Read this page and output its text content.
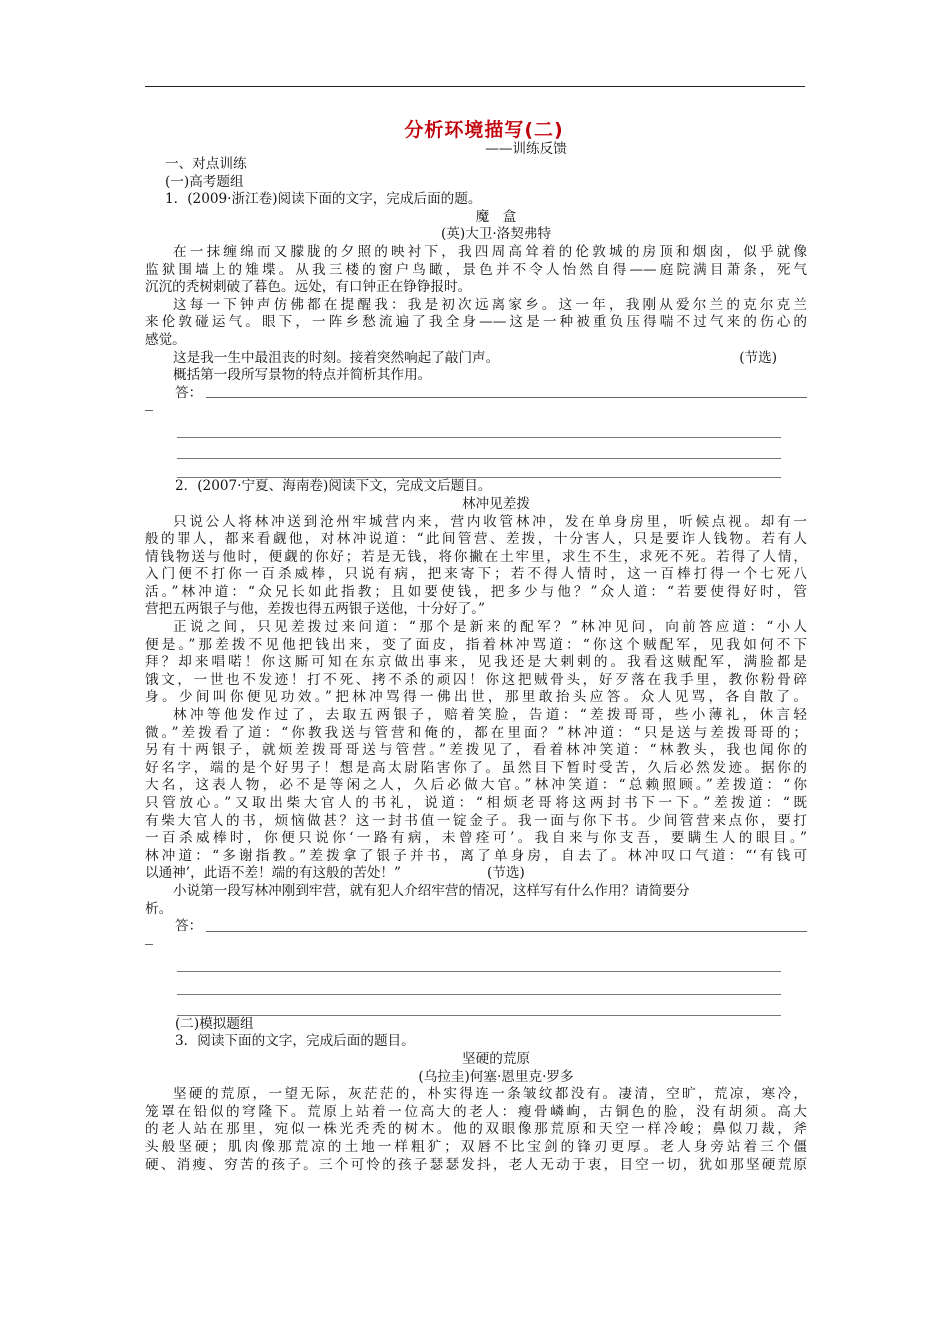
分析环境描写(二)
——训练反馈
一、对点训练
(一)高考题组
1．(2009·浙江卷)阅读下面的文字，完成后面的题。
魔　盒
(英)大卫·洛契弗特
在一抹缠绵而又朦胧的夕照的映衬下，我四周高耸着的伦敦城的房顶和烟囱，似乎就像
监狱围墙上的雉堞。从我三楼的窗户鸟瞰，景色并不令人怡然自得——庭院满目萧条，死气
沉沉的秃树刺破了暮色。远处，有口钟正在铮铮报时。
这每一下钟声仿佛都在提醒我：我是初次远离家乡。这一年，我刚从爱尔兰的克尔克兰
来伦敦碰运气。眼下，一阵乡愁流遍了我全身——这是一种被重负压得喘不过气来的伤心的
感觉。
这是我一生中最沮丧的时刻。接着突然响起了敲门声。	(节选)
概括第一段所写景物的特点并简析其作用。
答：
2．(2007·宁夏、海南卷)阅读下文，完成文后题目。
林冲见差拨
只说公人将林冲送到沧州牢城营内来，营内收管林冲，发在单身房里，听候点视。却有一
般的罪人，都来看觑他，对林冲说道：“此间管营、差拨，十分害人，只是要诈人钱物。若有人
情钱物送与他时，便觑的你好；若是无钱，将你撇在土牢里，求生不生，求死不死。若得了人情，
入门便不打你一百杀威棒，只说有病，把来寄下；若不得人情时，这一百棒打得一个七死八
活。”林冲道：“众兄长如此指教；且如要使钱，把多少与他？”众人道：“若要使得好时，管
营把五两银子与他，差拨也得五两银子送他，十分好了。”
正说之间，只见差拨过来问道：“那个是新来的配军？”林冲见问，向前答应道：“小人
便是。”那差拨不见他把钱出来，变了面皮，指着林冲骂道：“你这个贼配军，见我如何不下
拜？却来唱喏！你这厮可知在东京做出事来，见我还是大剌剌的。我看这贼配军，满脸都是
饿文，一世也不发迹！打不死、拷不杀的顽囚！你这把贼骨头，好歹落在我手里，教你粉骨碎
身。少间叫你便见功效。”把林冲骂得一佛出世，那里敢抬头应答。众人见骂，各自散了。
林冲等他发作过了，去取五两银子，赔着笑脸，告道：“差拨哥哥，些小薄礼，休言轻
微。”差拨看了道：“你教我送与管营和俺的，都在里面？”林冲道：“只是送与差拨哥哥的；
另有十两银子，就烦差拨哥哥送与管营。”差拨见了，看着林冲笑道：“林教头，我也闻你的
好名字，端的是个好男子！想是高太尉陷害你了。虽然目下暂时受苦，久后必然发迹。据你的
大名，这表人物，必不是等闲之人，久后必做大官。”林冲笑道：“总赖照顾。”差拨道：“你
只管放心。”又取出柴大官人的书礼，说道：“相烦老哥将这两封书下一下。”差拨道：“既
有柴大官人的书，烦恼做甚？这一封书值一锭金子。我一面与你下书。少间管营来点你，要打
一百杀威棒时，你便只说你‘一路有病，未曾痊可’。我自来与你支吾，要瞒生人的眼目。”
林冲道：“多谢指教。”差拨拿了银子并书，离了单身房，自去了。林冲叹口气道：“‘有钱可
以通神’，此语不差！端的有这般的苦处！”	(节选)
小说第一段写林冲刚到牢营，就有犯人介绍牢营的情况，这样写有什么作用？请简要分
析。
答：
(二)模拟题组
3．阅读下面的文字，完成后面的题目。
坚硬的荒原
(乌拉圭)何塞·恩里克·罗多
坚硬的荒原，一望无际，灰茫茫的，朴实得连一条皱纹都没有。凄清，空旷，荒凉，寒冷，
笼罩在铅似的穹隆下。荒原上站着一位高大的老人：瘦骨嶙峋，古铜色的脸，没有胡须。高大
的老人站在那里，宛似一株光秃秃的树木。他的双眼像那荒原和天空一样冷峻；鼻似刀裁，斧
头般坚硬；肌肉像那荒凉的土地一样粗犷；双唇不比宝剑的锋刃更厚。老人身旁站着三个僵
硬、消瘦、穷苦的孩子。三个可怜的孩子瑟瑟发抖，老人无动于衷，目空一切，犹如那坚硬荒原
